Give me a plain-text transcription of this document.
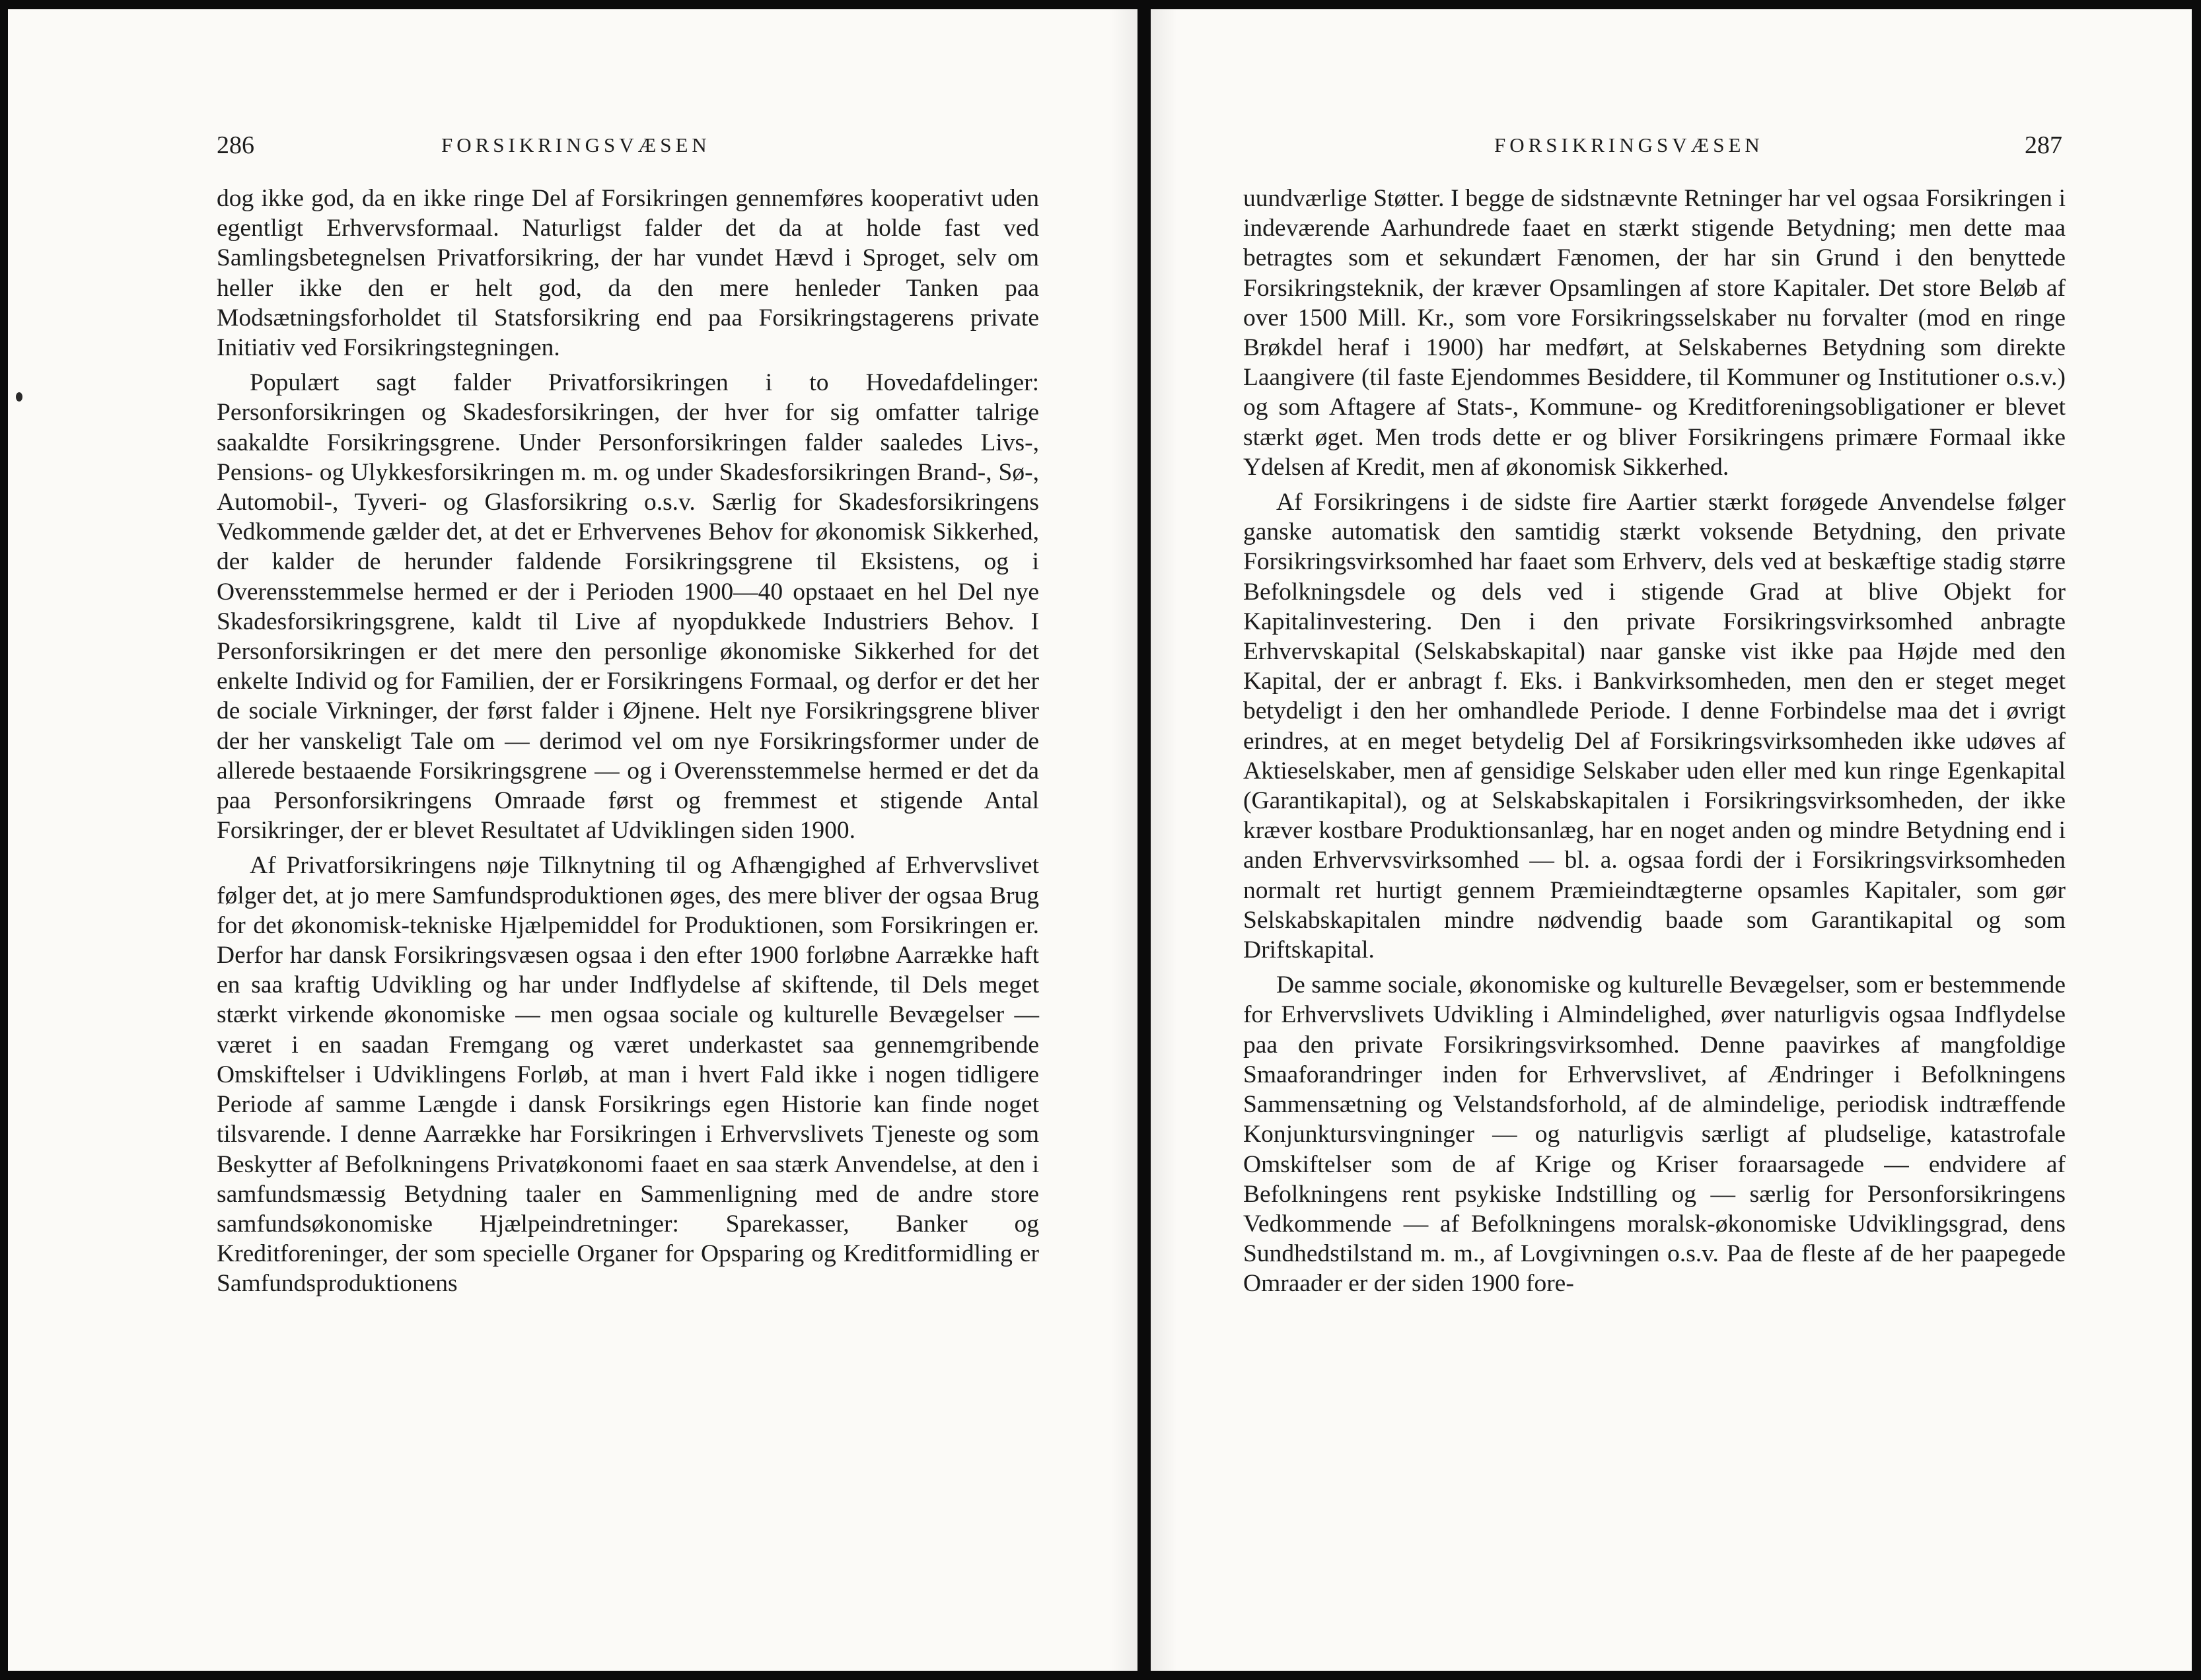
286	FORSIKRINGSVÆSEN

dog ikke god, da en ikke ringe Del af Forsikringen gennemføres kooperativt uden egentligt Erhvervsformaal. Naturligst falder det da at holde fast ved Samlingsbetegnelsen Privatforsikring, der har vundet Hævd i Sproget, selv om heller ikke den er helt god, da den mere henleder Tanken paa Modsætningsforholdet til Statsforsikring end paa Forsikringstagerens private Initiativ ved Forsikringstegningen.

Populært sagt falder Privatforsikringen i to Hovedafdelinger: Personforsikringen og Skadesforsikringen, der hver for sig omfatter talrige saakaldte Forsikringsgrene. Under Personforsikringen falder saaledes Livs-, Pensions- og Ulykkesforsikringen m. m. og under Skadesforsikringen Brand-, Sø-, Automobil-, Tyveri- og Glasforsikring o.s.v. Særlig for Skadesforsikringens Vedkommende gælder det, at det er Erhvervenes Behov for økonomisk Sikkerhed, der kalder de herunder faldende Forsikringsgrene til Eksistens, og i Overensstemmelse hermed er der i Perioden 1900—40 opstaaet en hel Del nye Skadesforsikringsgrene, kaldt til Live af nyopdukkede Industriers Behov. I Personforsikringen er det mere den personlige økonomiske Sikkerhed for det enkelte Individ og for Familien, der er Forsikringens Formaal, og derfor er det her de sociale Virkninger, der først falder i Øjnene. Helt nye Forsikringsgrene bliver der her vanskeligt Tale om — derimod vel om nye Forsikringsformer under de allerede bestaaende Forsikringsgrene — og i Overensstemmelse hermed er det da paa Personforsikringens Omraade først og fremmest et stigende Antal Forsikringer, der er blevet Resultatet af Udviklingen siden 1900.

Af Privatforsikringens nøje Tilknytning til og Afhængighed af Erhvervslivet følger det, at jo mere Samfundsproduktionen øges, des mere bliver der ogsaa Brug for det økonomisk-tekniske Hjælpemiddel for Produktionen, som Forsikringen er. Derfor har dansk Forsikringsvæsen ogsaa i den efter 1900 forløbne Aarrække haft en saa kraftig Udvikling og har under Indflydelse af skiftende, til Dels meget stærkt virkende økonomiske — men ogsaa sociale og kulturelle Bevægelser — været i en saadan Fremgang og været underkastet saa gennemgribende Omskiftelser i Udviklingens Forløb, at man i hvert Fald ikke i nogen tidligere Periode af samme Længde i dansk Forsikrings egen Historie kan finde noget tilsvarende. I denne Aarrække har Forsikringen i Erhvervslivets Tjeneste og som Beskytter af Befolkningens Privatøkonomi faaet en saa stærk Anvendelse, at den i samfundsmæssig Betydning taaler en Sammenligning med de andre store samfundsøkonomiske Hjælpeindretninger: Sparekasser, Banker og Kreditforeninger, der som specielle Organer for Opsparing og Kreditformidling er Samfundsproduktionens

FORSIKRINGSVÆSEN	287

uundværlige Støtter. I begge de sidstnævnte Retninger har vel ogsaa Forsikringen i indeværende Aarhundrede faaet en stærkt stigende Betydning; men dette maa betragtes som et sekundært Fænomen, der har sin Grund i den benyttede Forsikringsteknik, der kræver Opsamlingen af store Kapitaler. Det store Beløb af over 1500 Mill. Kr., som vore Forsikringsselskaber nu forvalter (mod en ringe Brøkdel heraf i 1900) har medført, at Selskabernes Betydning som direkte Laangivere (til faste Ejendommes Besiddere, til Kommuner og Institutioner o.s.v.) og som Aftagere af Stats-, Kommune- og Kreditforeningsobligationer er blevet stærkt øget. Men trods dette er og bliver Forsikringens primære Formaal ikke Ydelsen af Kredit, men af økonomisk Sikkerhed.

Af Forsikringens i de sidste fire Aartier stærkt forøgede Anvendelse følger ganske automatisk den samtidig stærkt voksende Betydning, den private Forsikringsvirksomhed har faaet som Erhverv, dels ved at beskæftige stadig større Befolkningsdele og dels ved i stigende Grad at blive Objekt for Kapitalinvestering. Den i den private Forsikringsvirksomhed anbragte Erhvervskapital (Selskabskapital) naar ganske vist ikke paa Højde med den Kapital, der er anbragt f. Eks. i Bankvirksomheden, men den er steget meget betydeligt i den her omhandlede Periode. I denne Forbindelse maa det i øvrigt erindres, at en meget betydelig Del af Forsikringsvirksomheden ikke udøves af Aktieselskaber, men af gensidige Selskaber uden eller med kun ringe Egenkapital (Garantikapital), og at Selskabskapitalen i Forsikringsvirksomheden, der ikke kræver kostbare Produktionsanlæg, har en noget anden og mindre Betydning end i anden Erhvervsvirksomhed — bl. a. ogsaa fordi der i Forsikringsvirksomheden normalt ret hurtigt gennem Præmieindtægterne opsamles Kapitaler, som gør Selskabskapitalen mindre nødvendig baade som Garantikapital og som Driftskapital.

De samme sociale, økonomiske og kulturelle Bevægelser, som er bestemmende for Erhvervslivets Udvikling i Almindelighed, øver naturligvis ogsaa Indflydelse paa den private Forsikringsvirksomhed. Denne paavirkes af mangfoldige Smaaforandringer inden for Erhvervslivet, af Ændringer i Befolkningens Sammensætning og Velstandsforhold, af de almindelige, periodisk indtræffende Konjunktursvingninger — og naturligvis særligt af pludselige, katastrofale Omskiftelser som de af Krige og Kriser foraarsagede — endvidere af Befolkningens rent psykiske Indstilling og — særlig for Personforsikringens Vedkommende — af Befolkningens moralsk-økonomiske Udviklingsgrad, dens Sundhedstilstand m. m., af Lovgivningen o.s.v. Paa de fleste af de her paapegede Omraader er der siden 1900 fore-
